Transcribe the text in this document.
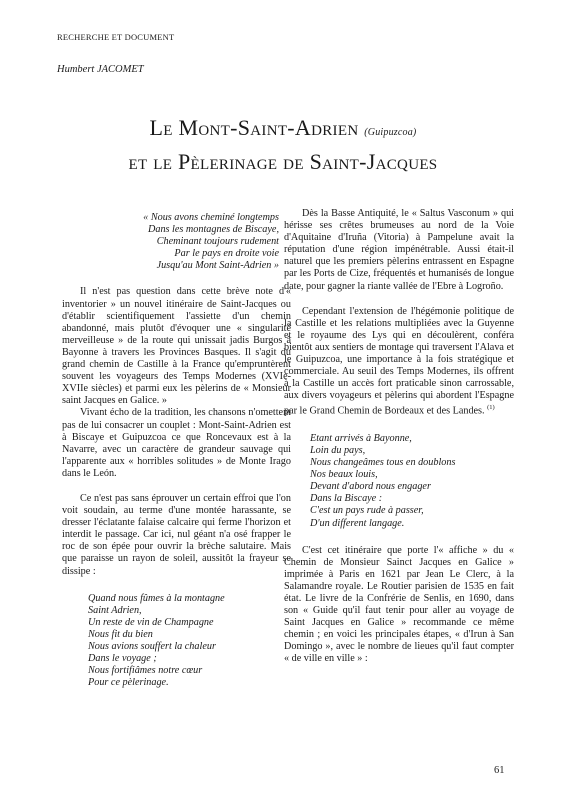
RECHERCHE ET DOCUMENT
Humbert JACOMET
Le Mont-Saint-Adrien (Guipuzcoa)
et le Pèlerinage de Saint-Jacques
« Nous avons cheminé longtemps
Dans les montagnes de Biscaye,
Cheminant toujours rudement
Par le pays en droite voie
Jusqu'au Mont Saint-Adrien »

Il n'est pas question dans cette brève note d'« inventorier » un nouvel itinéraire de Saint-Jacques ou d'établir scientifiquement l'assiette d'un chemin abandonné, mais plutôt d'évoquer une « singularité merveilleuse » de la route qui unissait jadis Burgos à Bayonne à travers les Provinces Basques. Il s'agit du grand chemin de Castille à la France qu'empruntèrent souvent les voyageurs des Temps Modernes (XVIe-XVIIe siècles) et parmi eux les pèlerins de « Monsieur saint Jacques en Galice. »

Vivant écho de la tradition, les chansons n'omettent pas de lui consacrer un couplet : Mont-Saint-Adrien est à Biscaye et Guipuzcoa ce que Roncevaux est à la Navarre, avec un caractère de grandeur sauvage qui l'apparente aux « horribles solitudes » de Monte Irago dans le León.

Ce n'est pas sans éprouver un certain effroi que l'on voit soudain, au terme d'une montée harassante, se dresser l'éclatante falaise calcaire qui ferme l'horizon et interdit le passage. Car ici, nul géant n'a osé frapper le roc de son épée pour ouvrir la brèche salutaire. Mais que paraisse un rayon de soleil, aussitôt la frayeur se dissipe :

Quand nous fûmes à la montagne
Saint Adrien,
Un reste de vin de Champagne
Nous fit du bien
Nous avions souffert la chaleur
Dans le voyage ;
Nous fortifiâmes notre cœur
Pour ce pèlerinage.

Dès la Basse Antiquité, le « Saltus Vasconum » qui hérisse ses crêtes brumeuses au nord de la Voie d'Aquitaine d'Iruña (Vitoria) à Pampelune avait la réputation d'une région impénétrable. Aussi était-il naturel que les premiers pèlerins entrassent en Espagne par les Ports de Cize, fréquentés et humanisés de longue date, pour gagner la riante vallée de l'Ebre à Logroño.

Cependant l'extension de l'hégémonie politique de la Castille et les relations multipliées avec la Guyenne et le royaume des Lys qui en découlèrent, conféra bientôt aux sentiers de montage qui traversent l'Alava et le Guipuzcoa, une importance à la fois stratégique et commerciale. Au seuil des Temps Modernes, ils offrent à la Castille un accès fort praticable sinon carrossable, aux divers voyageurs et pèlerins qui abordent l'Espagne par le Grand Chemin de Bordeaux et des Landes. $^{(1)}$

Etant arrivés à Bayonne,
Loin du pays,
Nous changeâmes tous en doublons
Nos beaux louis,
Devant d'abord nous engager
Dans la Biscaye :
C'est un pays rude à passer,
D'un different langage.

C'est cet itinéraire que porte l'« affiche » du « Chemin de Monsieur Sainct Jacques en Galice » imprimée à Paris en 1621 par Jean Le Clerc, à la Salamandre royale. Le Routier parisien de 1535 en fait état. Le livre de la Confrérie de Senlis, en 1690, dans son « Guide qu'il faut tenir pour aller au voyage de Saint Jacques en Galice » recommande ce même chemin ; en voici les principales étapes, « d'Irun à San Domingo », avec le nombre de lieues qu'il faut compter « de ville en ville » :

61
